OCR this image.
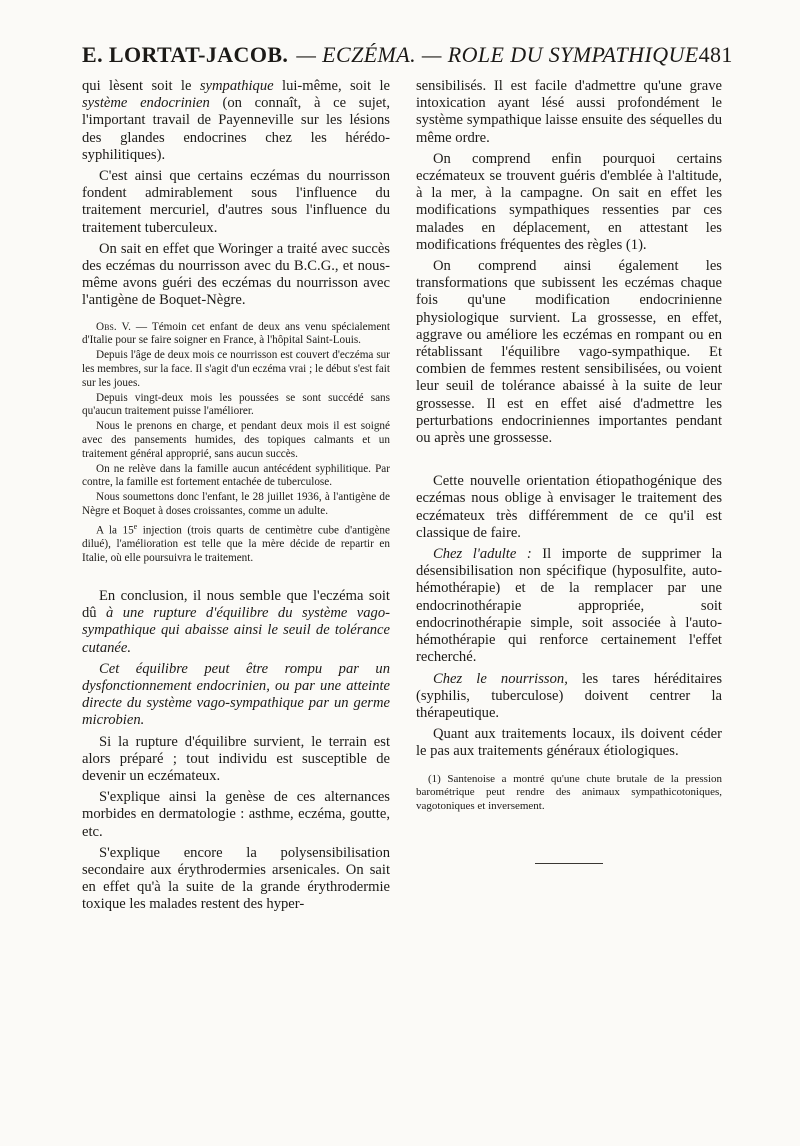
E. LORTAT-JACOB. — ECZÉMA. — ROLE DU SYMPATHIQUE 481

qui lèsent soit le sympathique lui-même, soit le système endocrinien (on connaît, à ce sujet, l'important travail de Payenneville sur les lésions des glandes endocrines chez les hérédo-syphilitiques).

C'est ainsi que certains eczémas du nourrisson fondent admirablement sous l'influence du traitement mercuriel, d'autres sous l'influence du traitement tuberculeux.

On sait en effet que Woringer a traité avec succès des eczémas du nourrisson avec du B.C.G., et nous-même avons guéri des eczémas du nourrisson avec l'antigène de Boquet-Nègre.

Obs. V. — Témoin cet enfant de deux ans venu spécialement d'Italie pour se faire soigner en France, à l'hôpital Saint-Louis.

Depuis l'âge de deux mois ce nourrisson est couvert d'eczéma sur les membres, sur la face. Il s'agit d'un eczéma vrai ; le début s'est fait sur les joues.

Depuis vingt-deux mois les poussées se sont succédé sans qu'aucun traitement puisse l'améliorer.

Nous le prenons en charge, et pendant deux mois il est soigné avec des pansements humides, des topiques calmants et un traitement général approprié, sans aucun succès.

On ne relève dans la famille aucun antécédent syphilitique. Par contre, la famille est fortement entachée de tuberculose.

Nous soumettons donc l'enfant, le 28 juillet 1936, à l'antigène de Nègre et Boquet à doses croissantes, comme un adulte.

A la 15e injection (trois quarts de centimètre cube d'antigène dilué), l'amélioration est telle que la mère décide de repartir en Italie, où elle poursuivra le traitement.

En conclusion, il nous semble que l'eczéma soit dû à une rupture d'équilibre du système vago-sympathique qui abaisse ainsi le seuil de tolérance cutanée.

Cet équilibre peut être rompu par un dysfonctionnement endocrinien, ou par une atteinte directe du système vago-sympathique par un germe microbien.

Si la rupture d'équilibre survient, le terrain est alors préparé ; tout individu est susceptible de devenir un eczémateux.

S'explique ainsi la genèse de ces alternances morbides en dermatologie : asthme, eczéma, goutte, etc.

S'explique encore la polysensibilisation secondaire aux érythrodermies arsenicales. On sait en effet qu'à la suite de la grande érythrodermie toxique les malades restent des hyper-

sensibilisés. Il est facile d'admettre qu'une grave intoxication ayant lésé aussi profondément le système sympathique laisse ensuite des séquelles du même ordre.

On comprend enfin pourquoi certains eczémateux se trouvent guéris d'emblée à l'altitude, à la mer, à la campagne. On sait en effet les modifications sympathiques ressenties par ces malades en déplacement, en attestant les modifications fréquentes des règles (1).

On comprend ainsi également les transformations que subissent les eczémas chaque fois qu'une modification endocrinienne physiologique survient. La grossesse, en effet, aggrave ou améliore les eczémas en rompant ou en rétablissant l'équilibre vago-sympathique. Et combien de femmes restent sensibilisées, ou voient leur seuil de tolérance abaissé à la suite de leur grossesse. Il est en effet aisé d'admettre les perturbations endocriniennes importantes pendant ou après une grossesse.

Cette nouvelle orientation étiopathogénique des eczémas nous oblige à envisager le traitement des eczémateux très différemment de ce qu'il est classique de faire.

Chez l'adulte : Il importe de supprimer la désensibilisation non spécifique (hyposulfite, auto-hémothérapie) et de la remplacer par une endocrinothérapie appropriée, soit endocrinothérapie simple, soit associée à l'auto-hémothérapie qui renforce certainement l'effet recherché.

Chez le nourrisson, les tares héréditaires (syphilis, tuberculose) doivent centrer la thérapeutique.

Quant aux traitements locaux, ils doivent céder le pas aux traitements généraux étiologiques.

(1) Santenoise a montré qu'une chute brutale de la pression barométrique peut rendre des animaux sympathicotoniques, vagotoniques et inversement.
